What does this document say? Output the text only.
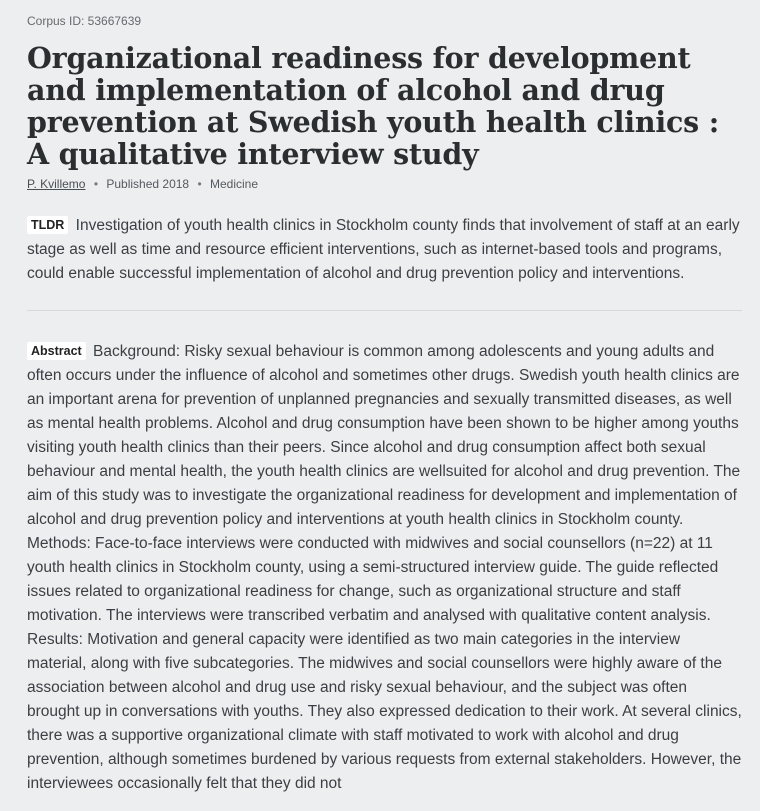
Corpus ID: 53667639
Organizational readiness for development and implementation of alcohol and drug prevention at Swedish youth health clinics : A qualitative interview study
P. Kvillemo • Published 2018 • Medicine
TLDR Investigation of youth health clinics in Stockholm county finds that involvement of staff at an early stage as well as time and resource efficient interventions, such as internet-based tools and programs, could enable successful implementation of alcohol and drug prevention policy and interventions.
Abstract Background: Risky sexual behaviour is common among adolescents and young adults and often occurs under the influence of alcohol and sometimes other drugs. Swedish youth health clinics are an important arena for prevention of unplanned pregnancies and sexually transmitted diseases, as well as mental health problems. Alcohol and drug consumption have been shown to be higher among youths visiting youth health clinics than their peers. Since alcohol and drug consumption affect both sexual behaviour and mental health, the youth health clinics are wellsuited for alcohol and drug prevention. The aim of this study was to investigate the organizational readiness for development and implementation of alcohol and drug prevention policy and interventions at youth health clinics in Stockholm county. Methods: Face-to-face interviews were conducted with midwives and social counsellors (n=22) at 11 youth health clinics in Stockholm county, using a semi-structured interview guide. The guide reflected issues related to organizational readiness for change, such as organizational structure and staff motivation. The interviews were transcribed verbatim and analysed with qualitative content analysis. Results: Motivation and general capacity were identified as two main categories in the interview material, along with five subcategories. The midwives and social counsellors were highly aware of the association between alcohol and drug use and risky sexual behaviour, and the subject was often brought up in conversations with youths. They also expressed dedication to their work. At several clinics, there was a supportive organizational climate with staff motivated to work with alcohol and drug prevention, although sometimes burdened by various requests from external stakeholders. However, the interviewees occasionally felt that they did not
